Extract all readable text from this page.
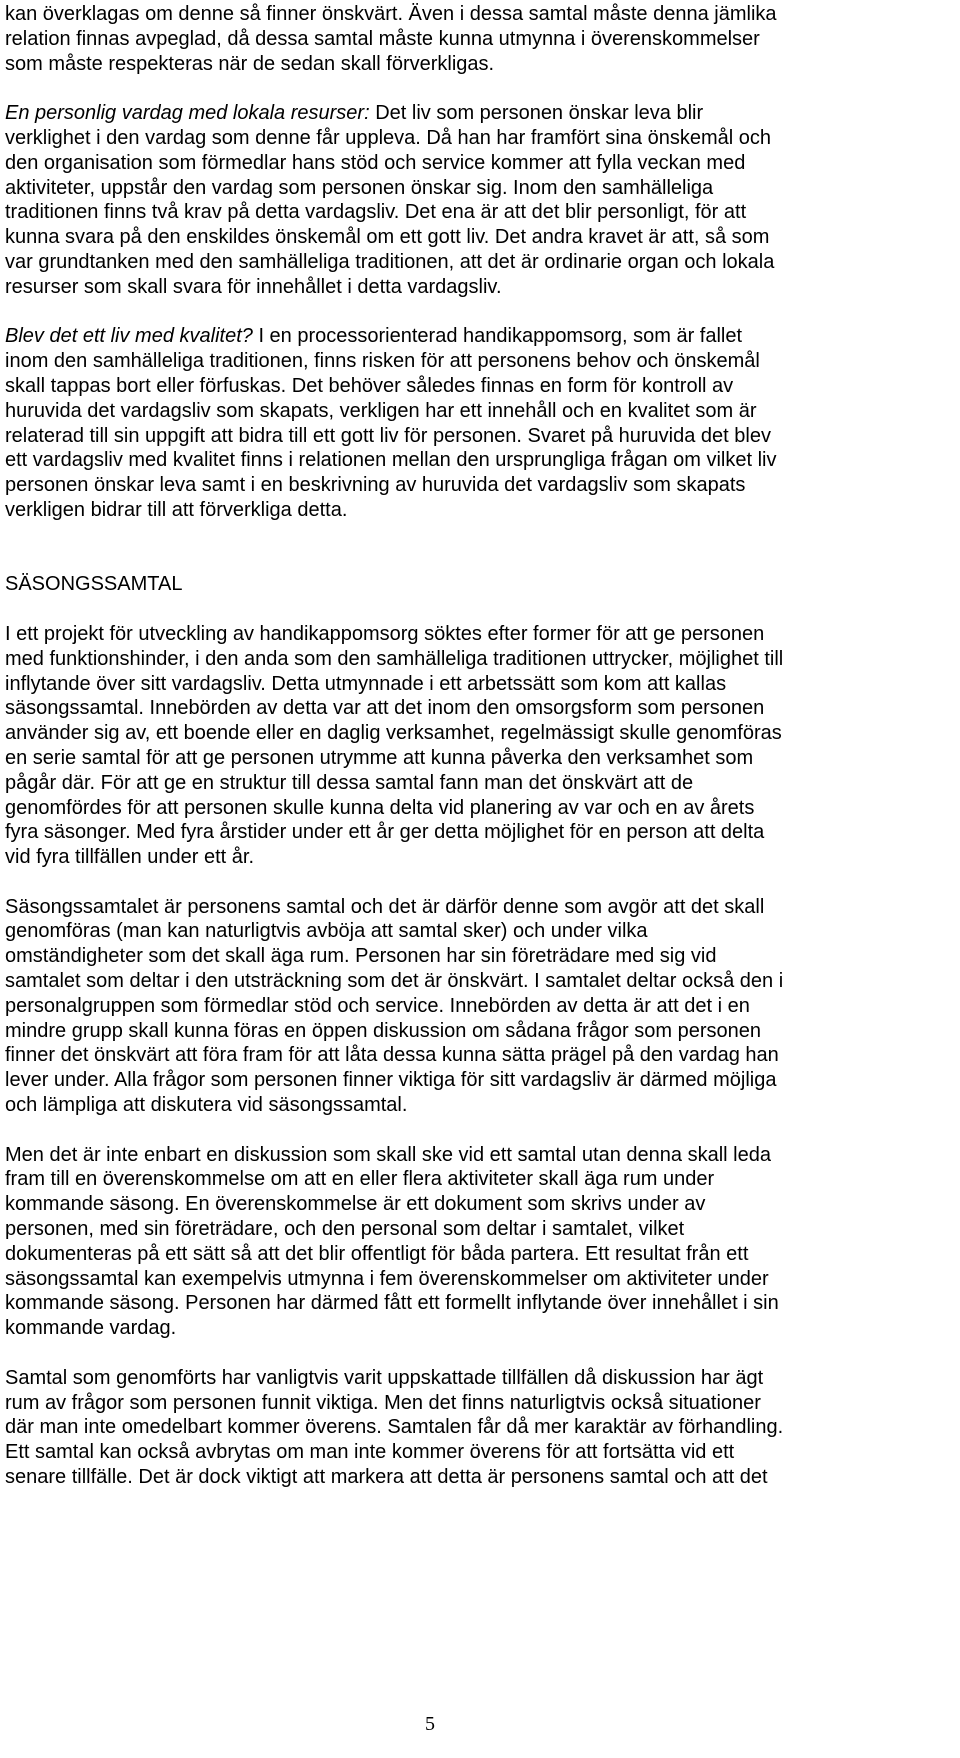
kan överklagas om denne så finner önskvärt. Även i dessa samtal måste denna jämlika
relation finnas avpeglad, då dessa samtal måste kunna utmynna i överenskommelser
som måste respekteras när de sedan skall förverkligas.

En personlig vardag med lokala resurser: Det liv som personen önskar leva blir
verklighet i den vardag som denne får uppleva. Då han har framfört sina önskemål och
den organisation som förmedlar hans stöd och service kommer att fylla veckan med
aktiviteter, uppstår den vardag som personen önskar sig. Inom den samhälleliga
traditionen finns två krav på detta vardagsliv. Det ena är att det blir personligt, för att
kunna svara på den enskildes önskemål om ett gott liv. Det andra kravet är att, så som
var grundtanken med den samhälleliga traditionen, att det är ordinarie organ och lokala
resurser som skall svara för innehållet i detta vardagsliv.

Blev det ett liv med kvalitet? I en processorienterad handikappomsorg, som är fallet
inom den samhälleliga traditionen, finns risken för att personens behov och önskemål
skall tappas bort eller förfuskas. Det behöver således finnas en form för kontroll av
huruvida det vardagsliv som skapats, verkligen har ett innehåll och en kvalitet som är
relaterad till sin uppgift att bidra till ett gott liv för personen. Svaret på huruvida det blev
ett vardagsliv med kvalitet finns i relationen mellan den ursprungliga frågan om vilket liv
personen önskar leva samt i en beskrivning av huruvida det vardagsliv som skapats
verkligen bidrar till att förverkliga detta.

SÄSONGSSAMTAL

I ett projekt för utveckling av handikappomsorg söktes efter former för att ge personen
med funktionshinder, i den anda som den samhälleliga traditionen uttrycker, möjlighet till
inflytande över sitt vardagsliv. Detta utmynnade i ett arbetssätt som kom att kallas
säsongssamtal. Innebörden av detta var att det inom den omsorgsform som personen
använder sig av, ett boende eller en daglig verksamhet, regelmässigt skulle genomföras
en serie samtal för att ge personen utrymme att kunna påverka den verksamhet som
pågår där. För att ge en struktur till dessa samtal fann man det önskvärt att de
genomfördes för att personen skulle kunna delta vid planering av var och en av årets
fyra säsonger. Med fyra årstider under ett år ger detta möjlighet för en person att delta
vid fyra tillfällen under ett år.

Säsongssamtalet är personens samtal och det är därför denne som avgör att det skall
genomföras (man kan naturligtvis avböja att samtal sker) och under vilka
omständigheter som det skall äga rum. Personen har sin företrädare med sig vid
samtalet som deltar i den utsträckning som det är önskvärt. I samtalet deltar också den i
personalgruppen som förmedlar stöd och service. Innebörden av detta är att det i en
mindre grupp skall kunna föras en öppen diskussion om sådana frågor som personen
finner det önskvärt att föra fram för att låta dessa kunna sätta prägel på den vardag han
lever under. Alla frågor som personen finner viktiga för sitt vardagsliv är därmed möjliga
och lämpliga att diskutera vid säsongssamtal.

Men det är inte enbart en diskussion som skall ske vid ett samtal utan denna skall leda
fram till en överenskommelse om att en eller flera aktiviteter skall äga rum under
kommande säsong. En överenskommelse är ett dokument som skrivs under av
personen, med sin företrädare, och den personal som deltar i samtalet, vilket
dokumenteras på ett sätt så att det blir offentligt för båda partera. Ett resultat från ett
säsongssamtal kan exempelvis utmynna i fem överenskommelser om aktiviteter under
kommande säsong. Personen har därmed fått ett formellt inflytande över innehållet i sin
kommande vardag.

Samtal som genomförts har vanligtvis varit uppskattade tillfällen då diskussion har ägt
rum av frågor som personen funnit viktiga. Men det finns naturligtvis också situationer
där man inte omedelbart kommer överens. Samtalen får då mer karaktär av förhandling.
Ett samtal kan också avbrytas om man inte kommer överens för att fortsätta vid ett
senare tillfälle. Det är dock viktigt att markera att detta är personens samtal och att det

5
